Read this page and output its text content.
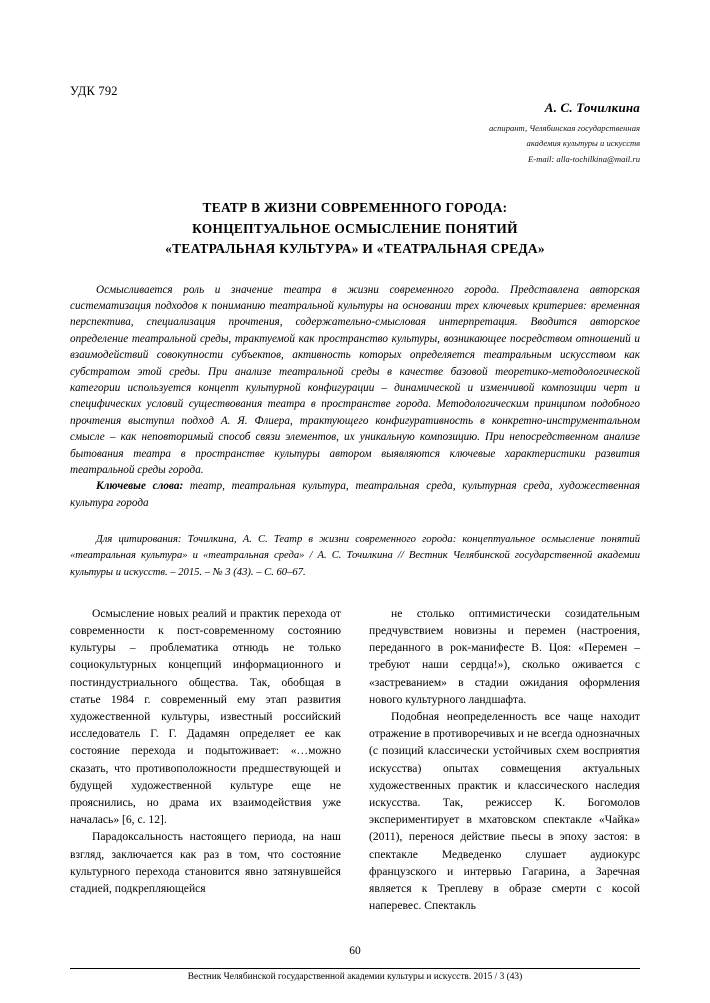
УДК 792
А. С. Точилкина
аспирант, Челябинская государственная
академия культуры и искусств
E-mail: alla-tochilkina@mail.ru
ТЕАТР В ЖИЗНИ СОВРЕМЕННОГО ГОРОДА:
КОНЦЕПТУАЛЬНОЕ ОСМЫСЛЕНИЕ ПОНЯТИЙ
«ТЕАТРАЛЬНАЯ КУЛЬТУРА» И «ТЕАТРАЛЬНАЯ СРЕДА»
Осмысливается роль и значение театра в жизни современного города. Представлена авторская систематизация подходов к пониманию театральной культуры на основании трех ключевых критериев: временная перспектива, специализация прочтения, содержательно-смысловая интерпретация. Вводится авторское определение театральной среды, трактуемой как пространство культуры, возникающее посредством отношений и взаимодействий совокупности субъектов, активность которых определяется театральным искусством как субстратом этой среды. При анализе театральной среды в качестве базовой теоретико-методологической категории используется концепт культурной конфигурации – динамической и изменчивой композиции черт и специфических условий существования театра в пространстве города. Методологическим принципом подобного прочтения выступил подход А. Я. Флиера, трактующего конфигуративность в конкретно-инструментальном смысле – как неповторимый способ связи элементов, их уникальную композицию. При непосредственном анализе бытования театра в пространстве культуры автором выявляются ключевые характеристики развития театральной среды города.
Ключевые слова: театр, театральная культура, театральная среда, культурная среда, художественная культура города
Для цитирования: Точилкина, А. С. Театр в жизни современного города: концептуальное осмысление понятий «театральная культура» и «театральная среда» / А. С. Точилкина // Вестник Челябинской государственной академии культуры и искусств. – 2015. – № 3 (43). – С. 60–67.

Осмысление новых реалий и практик перехода от современности к пост-современному состоянию культуры – проблематика отнюдь не только социокультурных концепций информационного и постиндустриального общества. Так, обобщая в статье 1984 г. современный ему этап развития художественной культуры, известный российский исследователь Г. Г. Дадамян определяет ее как состояние перехода и подытоживает: «…можно сказать, что противоположности предшествующей и будущей художественной культуре еще не прояснились, но драма их взаимодействия уже началась» [6, с. 12].

Парадоксальность настоящего периода, на наш взгляд, заключается как раз в том, что состояние культурного перехода становится явно затянувшейся стадией, подкрепляющейся

не столько оптимистически созидательным предчувствием новизны и перемен (настроения, переданного в рок-манифесте В. Цоя: «Перемен – требуют наши сердца!»), сколько оживается с «застреванием» в стадии ожидания оформления нового культурного ландшафта.

Подобная неопределенность все чаще находит отражение в противоречивых и не всегда однозначных (с позиций классически устойчивых схем восприятия искусства) опытах совмещения актуальных художественных практик и классического наследия искусства. Так, режиссер К. Богомолов экспериментирует в мхатовском спектакле «Чайка» (2011), перенося действие пьесы в эпоху застоя: в спектакле Медведенко слушает аудиокурс французского и интервью Гагарина, а Заречная является к Треплеву в образе смерти с косой наперевес. Спектакль

60
Вестник Челябинской государственной академии культуры и искусств. 2015 / 3 (43)
